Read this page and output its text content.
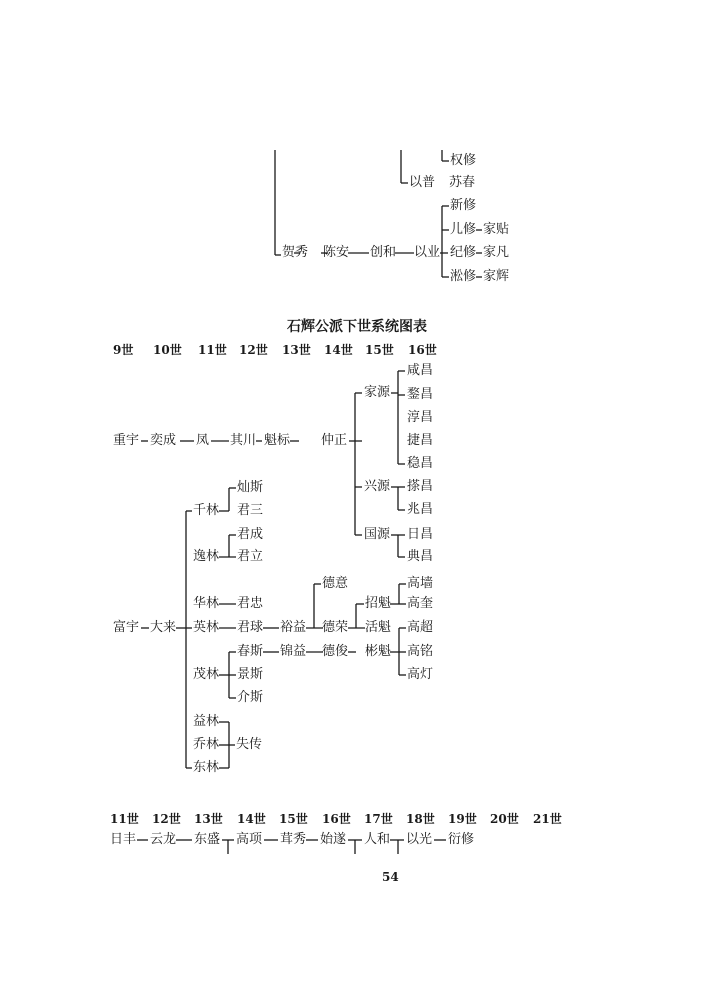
权修
以普 苏春
新修
儿修 家贴
贺秀 陈安 创和 以业 纪修 家凡
淞修 家辉
石辉公派下世系统图表
9世 10世 11世 12世 13世 14世 15世 16世
重宇 奕成 凤 其川 魁标 仲正
家源
兴源
国源
咸昌
鍪昌
淳昌
捷昌
稳昌
搽昌
兆昌
日昌
典昌
富宇 大来
千林
灿斯
君三
君成
逸林 君立
华林 君忠
英林 君球 裕益
德意
德荣
招魁
活魁
高墙
高奎
春斯 锦益 德俊 彬魁
高超
高铭
高灯
茂林 景斯
介斯
益林
乔林 失传
东林
11世 12世 13世 14世 15世 16世 17世 18世 19世 20世 21世
日丰 云龙 东盛 高项 茸秀 始遂 人和 以光 衍修
54
